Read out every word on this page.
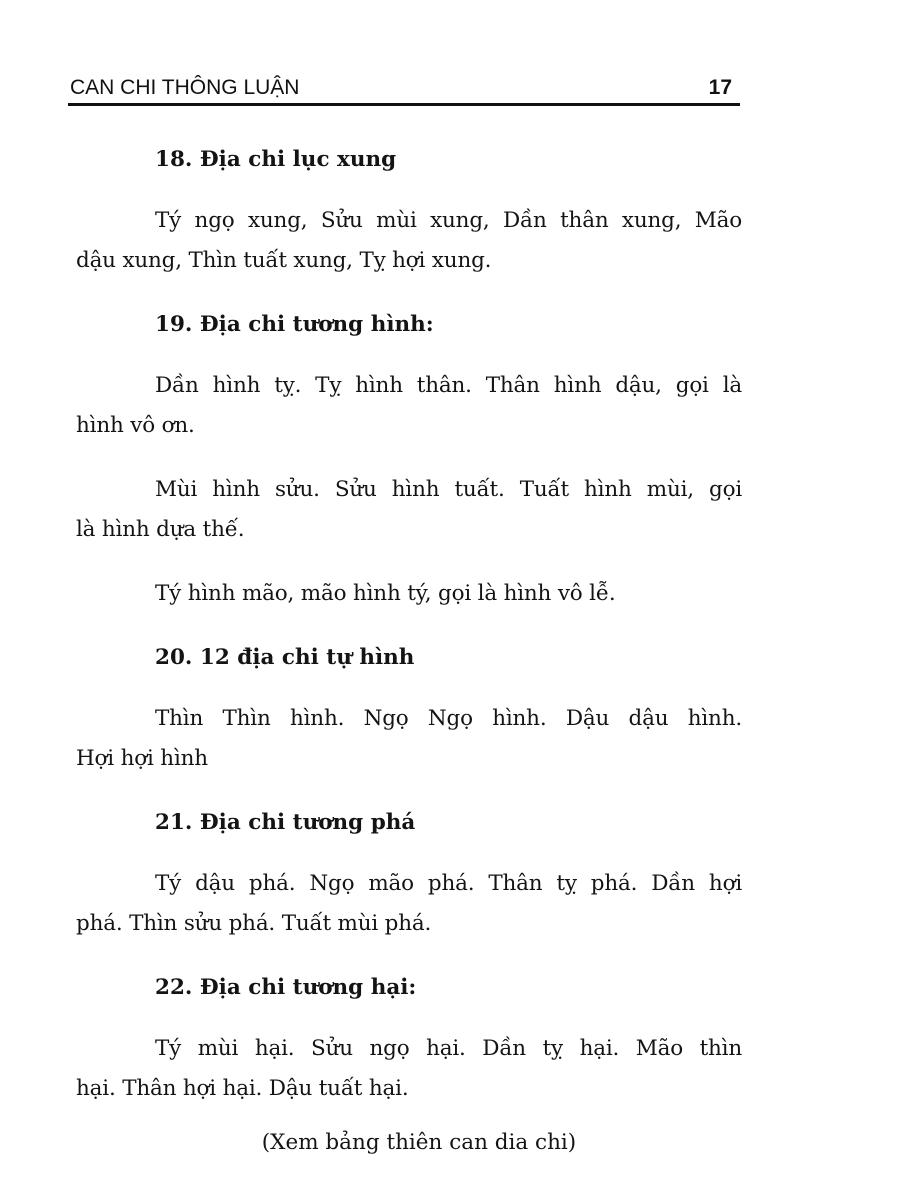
CAN CHI THÔNG LUẬN	17
18. Địa chi lục xung

Tý ngọ xung, Sửu mùi xung, Dần thân xung, Mão
dậu xung, Thìn tuất xung, Tỵ hợi xung.

19. Địa chi tương hình:

Dần hình tỵ. Tỵ hình thân. Thân hình dậu, gọi là
hình vô ơn.

Mùi hình sửu. Sửu hình tuất. Tuất hình mùi, gọi
là hình dựa thế.

Tý hình mão, mão hình tý, gọi là hình vô lễ.

20. 12 địa chi tự hình

Thìn Thìn hình. Ngọ Ngọ hình. Dậu dậu hình.
Hợi hợi hình

21. Địa chi tương phá

Tý dậu phá. Ngọ mão phá. Thân tỵ phá. Dần hợi
phá. Thìn sửu phá. Tuất mùi phá.

22. Địa chi tương hại:

Tý mùi hại. Sửu ngọ hại. Dần tỵ hại. Mão thìn
hại. Thân hợi hại. Dậu tuất hại.

(Xem bảng thiên can dia chi)
